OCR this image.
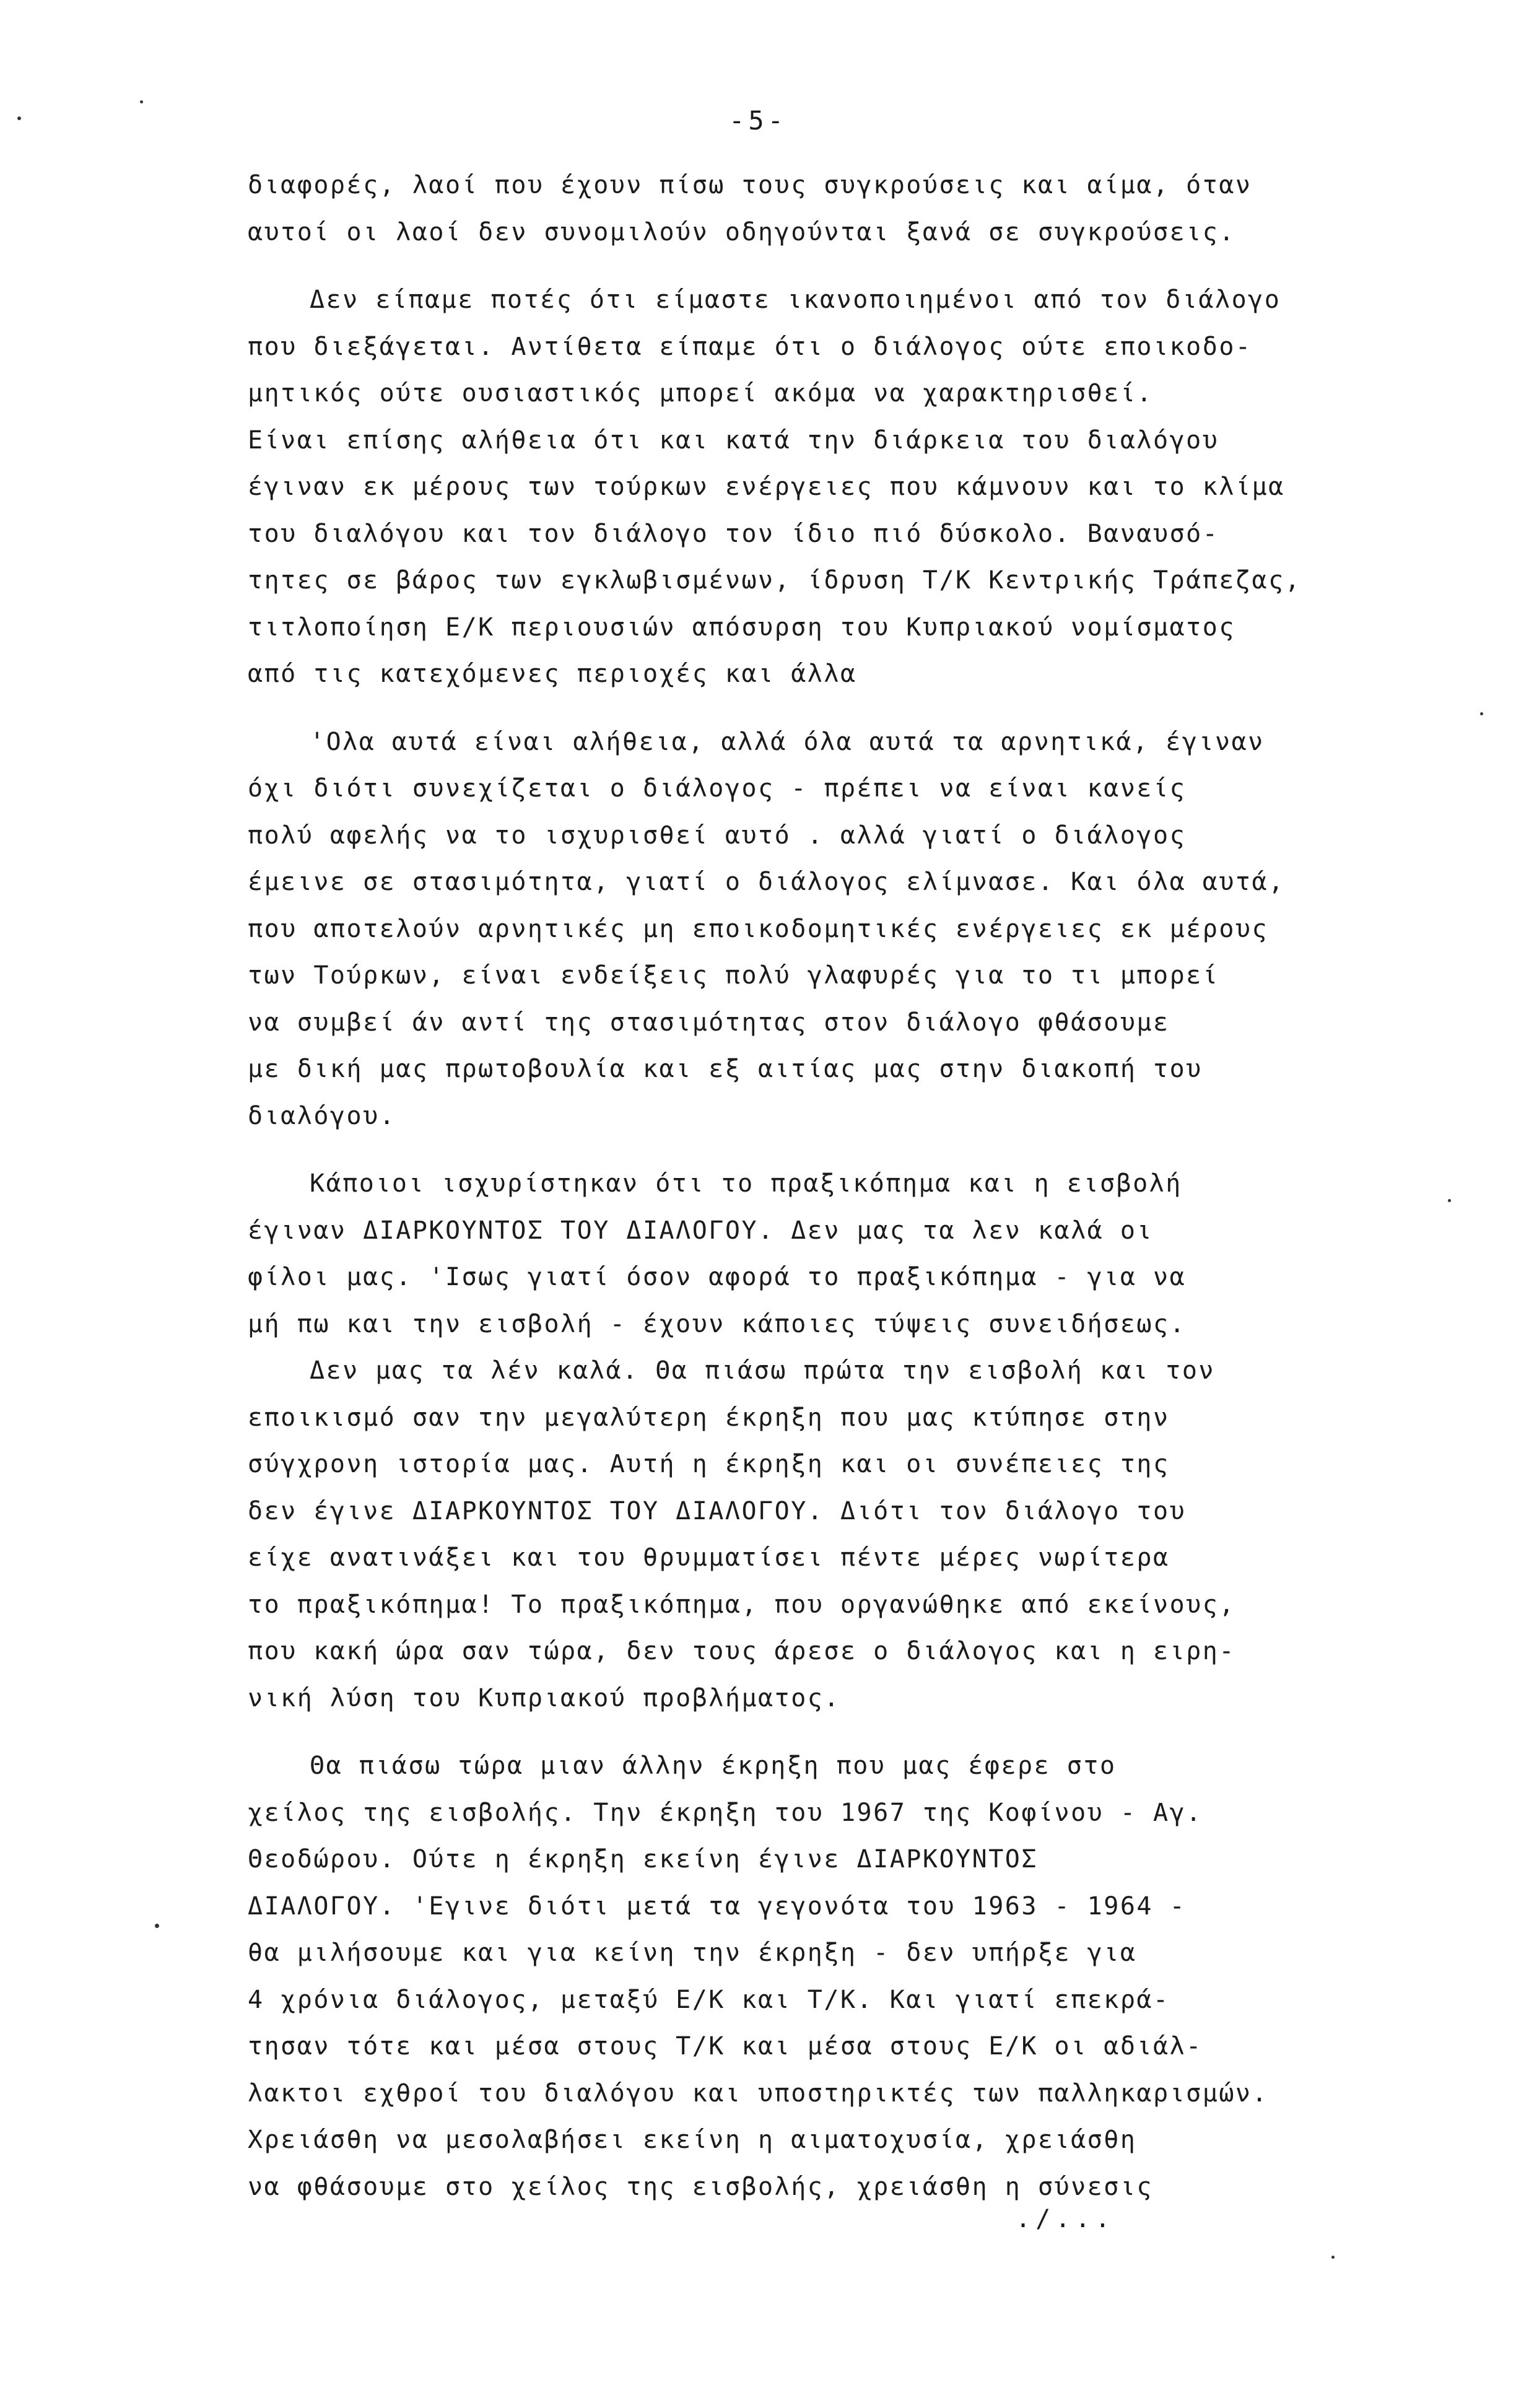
-5-
διαφορές, λαοί που έχουν πίσω τους συγκρούσεις και αίμα, όταν
αυτοί οι λαοί δεν συνομιλούν οδηγούνται ξανά σε συγκρούσεις.
Δεν είπαμε ποτές ότι είμαστε ικανοποιημένοι από τον διάλογο
που διεξάγεται. Αντίθετα είπαμε ότι ο διάλογος ούτε εποικοδο-
μητικός ούτε ουσιαστικός μπορεί ακόμα να χαρακτηρισθεί.
Είναι επίσης αλήθεια ότι και κατά την διάρκεια του διαλόγου
έγιναν εκ μέρους των τούρκων ενέργειες που κάμνουν και το κλίμα
του διαλόγου και τον διάλογο τον ίδιο πιό δύσκολο. Βαναυσό-
τητες σε βάρος των εγκλωβισμένων, ίδρυση Τ/Κ Κεντρικής Τράπεζας,
τιτλοποίηση Ε/Κ περιουσιών απόσυρση του Κυπριακού νομίσματος
από τις κατεχόμενες περιοχές και άλλα
'Ολα αυτά είναι αλήθεια, αλλά όλα αυτά τα αρνητικά, έγιναν
όχι διότι συνεχίζεται ο διάλογος - πρέπει να είναι κανείς
πολύ αφελής να το ισχυρισθεί αυτό . αλλά γιατί ο διάλογος
έμεινε σε στασιμότητα, γιατί ο διάλογος ελίμνασε. Και όλα αυτά,
που αποτελούν αρνητικές μη εποικοδομητικές ενέργειες εκ μέρους
των Τούρκων, είναι ενδείξεις πολύ γλαφυρές για το τι μπορεί
να συμβεί άν αντί της στασιμότητας στον διάλογο φθάσουμε
με δική μας πρωτοβουλία και εξ αιτίας μας στην διακοπή του
διαλόγου.
Κάποιοι ισχυρίστηκαν ότι το πραξικόπημα και η εισβολή
έγιναν ΔΙΑΡΚΟΥΝΤΟΣ ΤΟΥ ΔΙΑΛΟΓΟΥ. Δεν μας τα λεν καλά οι
φίλοι μας. 'Ισως γιατί όσον αφορά το πραξικόπημα - για να
μή πω και την εισβολή - έχουν κάποιες τύψεις συνειδήσεως.
Δεν μας τα λέν καλά. Θα πιάσω πρώτα την εισβολή και τον
εποικισμό σαν την μεγαλύτερη έκρηξη που μας κτύπησε στην
σύγχρονη ιστορία μας. Αυτή η έκρηξη και οι συνέπειες της
δεν έγινε ΔΙΑΡΚΟΥΝΤΟΣ ΤΟΥ ΔΙΑΛΟΓΟΥ. Διότι τον διάλογο του
είχε ανατινάξει και του θρυμματίσει πέντε μέρες νωρίτερα
το πραξικόπημα! Το πραξικόπημα, που οργανώθηκε από εκείνους,
που κακή ώρα σαν τώρα, δεν τους άρεσε ο διάλογος και η ειρη-
νική λύση του Κυπριακού προβλήματος.
Θα πιάσω τώρα μιαν άλλην έκρηξη που μας έφερε στο
χείλος της εισβολής. Την έκρηξη του 1967 της Κοφίνου - Αγ.
Θεοδώρου. Ούτε η έκρηξη εκείνη έγινε ΔΙΑΡΚΟΥΝΤΟΣ
ΔΙΑΛΟΓΟΥ. 'Εγινε διότι μετά τα γεγονότα του 1963 - 1964 -
θα μιλήσουμε και για κείνη την έκρηξη - δεν υπήρξε για
4 χρόνια διάλογος, μεταξύ Ε/Κ και Τ/Κ. Και γιατί επεκρά-
τησαν τότε και μέσα στους Τ/Κ και μέσα στους Ε/Κ οι αδιάλ-
λακτοι εχθροί του διαλόγου και υποστηρικτές των παλληκαρισμών.
Χρειάσθη να μεσολαβήσει εκείνη η αιματοχυσία, χρειάσθη
να φθάσουμε στο χείλος της εισβολής, χρειάσθη η σύνεσις
./...
